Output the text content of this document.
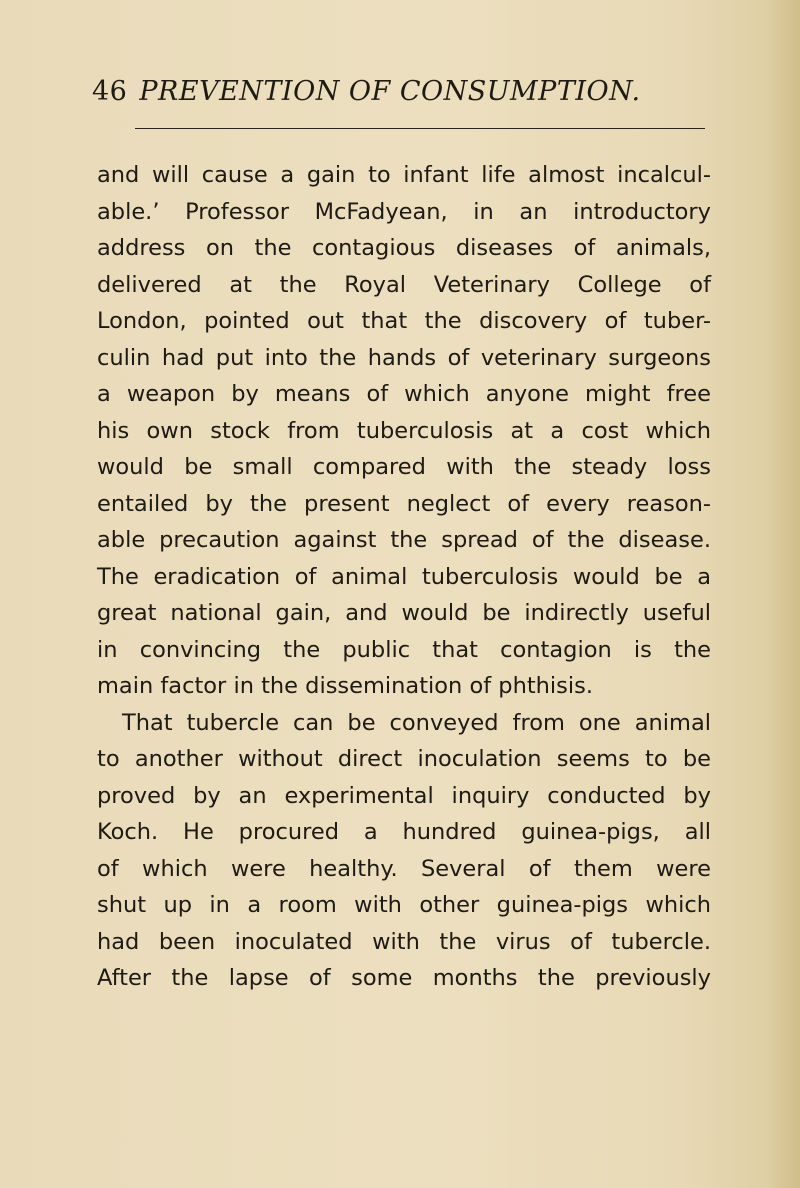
46 PREVENTION OF CONSUMPTION.
and will cause a gain to infant life almost incalcul-
able.’ Professor McFadyean, in an introductory
address on the contagious diseases of animals,
delivered at the Royal Veterinary College of
London, pointed out that the discovery of tuber-
culin had put into the hands of veterinary surgeons
a weapon by means of which anyone might free
his own stock from tuberculosis at a cost which
would be small compared with the steady loss
entailed by the present neglect of every reason-
able precaution against the spread of the disease.
The eradication of animal tuberculosis would be a
great national gain, and would be indirectly useful
in convincing the public that contagion is the
main factor in the dissemination of phthisis.
That tubercle can be conveyed from one animal
to another without direct inoculation seems to be
proved by an experimental inquiry conducted by
Koch. He procured a hundred guinea-pigs, all
of which were healthy. Several of them were
shut up in a room with other guinea-pigs which
had been inoculated with the virus of tubercle.
After the lapse of some months the previously
